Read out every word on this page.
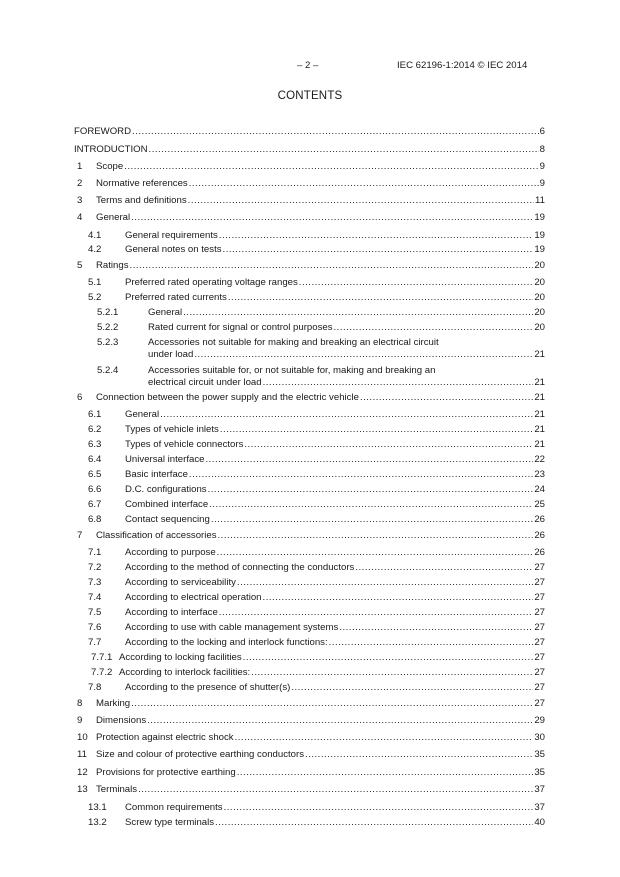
– 2 –	IEC 62196-1:2014 © IEC 2014
CONTENTS
FOREWORD .....	6
INTRODUCTION .....	8
1 Scope .....	9
2 Normative references .....	9
3 Terms and definitions .....	11
4 General .....	19
4.1 General requirements .....	19
4.2 General notes on tests .....	19
5 Ratings .....	20
5.1 Preferred rated operating voltage ranges .....	20
5.2 Preferred rated currents .....	20
5.2.1	General .....	20
5.2.2	Rated current for signal or control purposes .....	20
5.2.3	Accessories not suitable for making and breaking an electrical circuit
under load .....	21
5.2.4	Accessories suitable for, or not suitable for, making and breaking an
electrical circuit under load .....	21
6 Connection between the power supply and the electric vehicle .....	21
6.1 General .....	21
6.2 Types of vehicle inlets .....	21
6.3 Types of vehicle connectors .....	21
6.4 Universal interface .....	22
6.5 Basic interface .....	23
6.6 D.C. configurations .....	24
6.7 Combined interface .....	25
6.8 Contact sequencing .....	26
7 Classification of accessories .....	26
7.1 According to purpose .....	26
7.2 According to the method of connecting the conductors .....	27
7.3 According to serviceability .....	27
7.4 According to electrical operation .....	27
7.5 According to interface .....	27
7.6 According to use with cable management systems .....	27
7.7 According to the locking and interlock functions: .....	27
7.7.1 According to locking facilities .....	27
7.7.2 According to interlock facilities: .....	27
7.8 According to the presence of shutter(s) .....	27
8 Marking .....	27
9 Dimensions .....	29
10 Protection against electric shock .....	30
11 Size and colour of protective earthing conductors .....	35
12 Provisions for protective earthing .....	35
13 Terminals .....	37
13.1 Common requirements .....	37
13.2 Screw type terminals .....	40
